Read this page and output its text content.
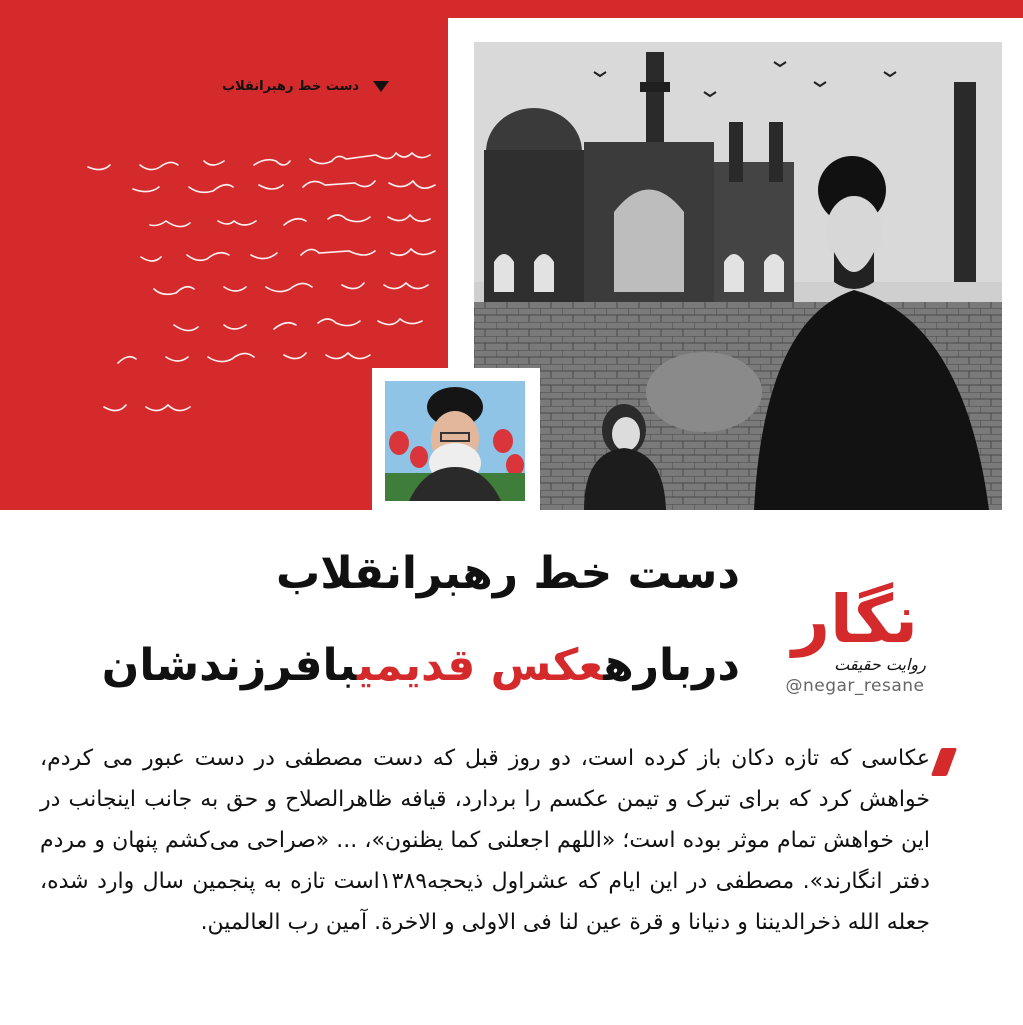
دست خط رهبرانقلاب
دست خط رهبرانقلاب
دربارهعکس قدیمیبافرزندشان
نگار
روایت حقیقت
@negar_resane
عکاسی که تازه دکان باز کرده است، دو روز قبل که دست مصطفی در دست عبور می کردم، خواهش کرد که برای تبرک و تیمن عکسم را بردارد، قیافه ظاهرالصلاح و حق به جانب اینجانب در این خواهش تمام موثر بوده است؛ «اللهم اجعلنی کما یظنون»، ... «صراحی می‌کشم پنهان و مردم دفتر انگارند». مصطفی در این ایام که عشراول ذیحجه۱۳۸۹است تازه به پنجمین سال وارد شده، جعله الله ذخرالدیننا و دنیانا و قرة عین لنا فی الاولی و الاخرة. آمین رب العالمین.
